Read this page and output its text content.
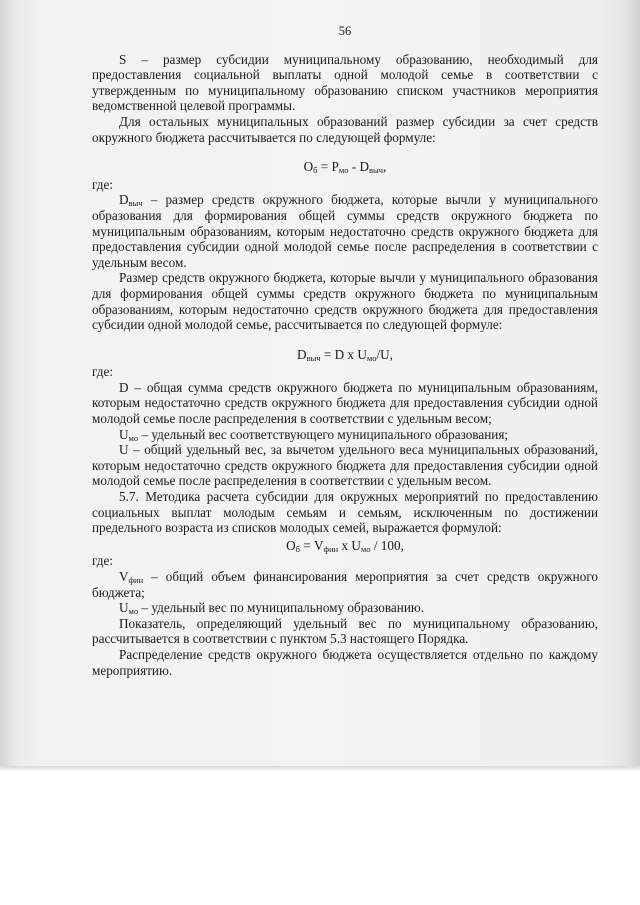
56

S – размер субсидии муниципальному образованию, необходимый для предоставления социальной выплаты одной молодой семье в соответствии с утвержденным по муниципальному образованию списком участников мероприятия ведомственной целевой программы.

Для остальных муниципальных образований размер субсидии за счет средств окружного бюджета рассчитывается по следующей формуле:

$О_б = Р_{мо} - D_{выч}$,

где:

$D_{выч}$ – размер средств окружного бюджета, которые вычли у муниципального образования для формирования общей суммы средств окружного бюджета по муниципальным образованиям, которым недостаточно средств окружного бюджета для предоставления субсидии одной молодой семье после распределения в соответствии с удельным весом.

Размер средств окружного бюджета, которые вычли у муниципального образования для формирования общей суммы средств окружного бюджета по муниципальным образованиям, которым недостаточно средств окружного бюджета для предоставления субсидии одной молодой семье, рассчитывается по следующей формуле:

$D_{выч} = D$ x $U_{мо}/U$,

где:

D – общая сумма средств окружного бюджета по муниципальным образованиям, которым недостаточно средств окружного бюджета для предоставления субсидии одной молодой семье после распределения в соответствии с удельным весом;

$U_{мо}$ – удельный вес соответствующего муниципального образования;

U – общий удельный вес, за вычетом удельного веса муниципальных образований, которым недостаточно средств окружного бюджета для предоставления субсидии одной молодой семье после распределения в соответствии с удельным весом.

5.7. Методика расчета субсидии для окружных мероприятий по предоставлению социальных выплат молодым семьям и семьям, исключенным по достижении предельного возраста из списков молодых семей, выражается формулой:

$О_б = V_{фин}$ x $U_{мо} / 100$,

где:

$V_{фин}$ – общий объем финансирования мероприятия за счет средств окружного бюджета;

$U_{мо}$ – удельный вес по муниципальному образованию.

Показатель, определяющий удельный вес по муниципальному образованию, рассчитывается в соответствии с пунктом 5.3 настоящего Порядка.

Распределение средств окружного бюджета осуществляется отдельно по каждому мероприятию.
